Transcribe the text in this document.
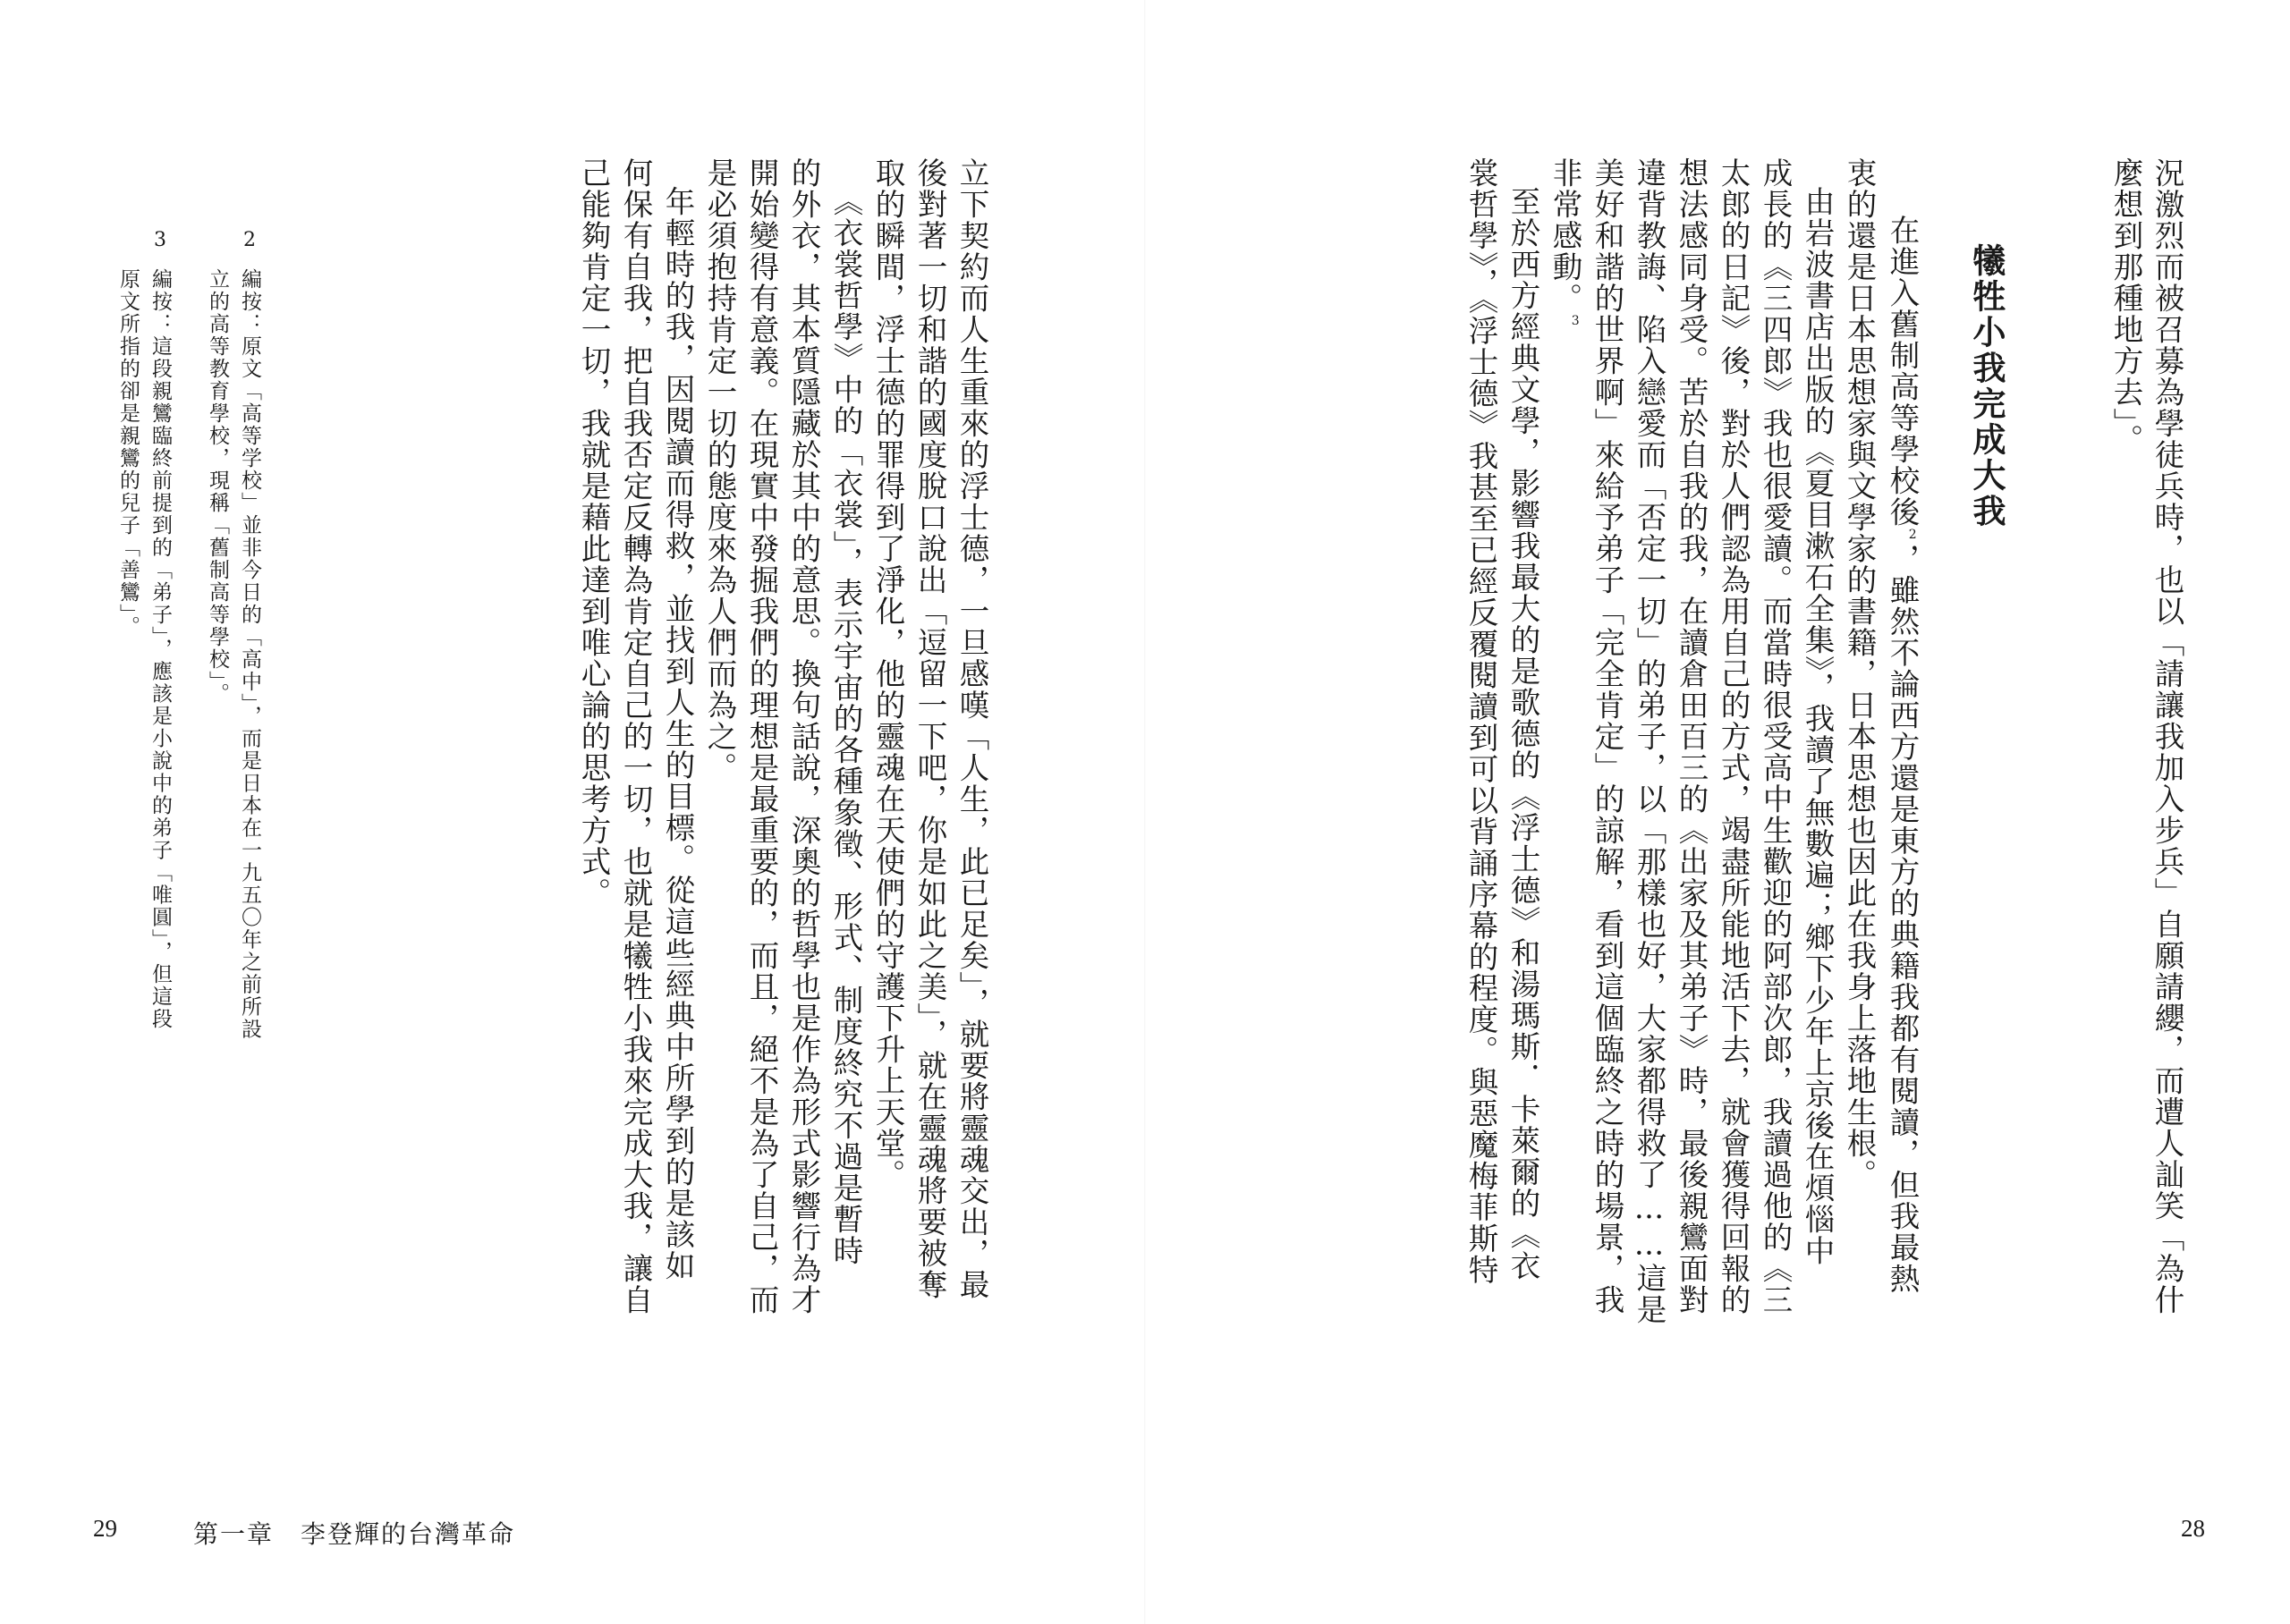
況激烈而被召募為學徒兵時，也以「請讓我加入步兵」自願請纓，而遭人訕笑「為什
麼想到那種地方去」。
犧牲小我完成大我
在進入舊制高等學校後$^2$，雖然不論西方還是東方的典籍我都有閱讀，但我最熱
衷的還是日本思想家與文學家的書籍，日本思想也因此在我身上落地生根。
由岩波書店出版的《夏目漱石全集》，我讀了無數遍；鄉下少年上京後在煩惱中
成長的《三四郎》我也很愛讀。而當時很受高中生歡迎的阿部次郎，我讀過他的《三
太郎的日記》後，對於人們認為用自己的方式，竭盡所能地活下去，就會獲得回報的
想法感同身受。苦於自我的我，在讀倉田百三的《出家及其弟子》時，最後親鸞面對
違背教誨、陷入戀愛而「否定一切」的弟子，以「那樣也好，大家都得救了……這是
美好和諧的世界啊」來給予弟子「完全肯定」的諒解，看到這個臨終之時的場景，我
非常感動。$^3$
至於西方經典文學，影響我最大的是歌德的《浮士德》和湯瑪斯．卡萊爾的《衣
裳哲學》，《浮士德》我甚至已經反覆閱讀到可以背誦序幕的程度。與惡魔梅菲斯特
28
立下契約而人生重來的浮士德，一旦感嘆「人生，此已足矣」，就要將靈魂交出，最
後對著一切和諧的國度脫口說出「逗留一下吧，你是如此之美」，就在靈魂將要被奪
取的瞬間，浮士德的罪得到了淨化，他的靈魂在天使們的守護下升上天堂。
《衣裳哲學》中的「衣裳」，表示宇宙的各種象徵、形式、制度終究不過是暫時
的外衣，其本質隱藏於其中的意思。換句話說，深奧的哲學也是作為形式影響行為才
開始變得有意義。在現實中發掘我們的理想是最重要的，而且，絕不是為了自己，而
是必須抱持肯定一切的態度來為人們而為之。
年輕時的我，因閱讀而得救，並找到人生的目標。從這些經典中所學到的是該如
何保有自我，把自我否定反轉為肯定自己的一切，也就是犧牲小我來完成大我，讓自
己能夠肯定一切，我就是藉此達到唯心論的思考方式。
2
編按：原文「高等学校」並非今日的「高中」，而是日本在一九五〇年之前所設
立的高等教育學校，現稱「舊制高等學校」。
3
編按：這段親鸞臨終前提到的「弟子」，應該是小說中的弟子「唯圓」，但這段
原文所指的卻是親鸞的兒子「善鸞」。
29	第一章　李登輝的台灣革命
